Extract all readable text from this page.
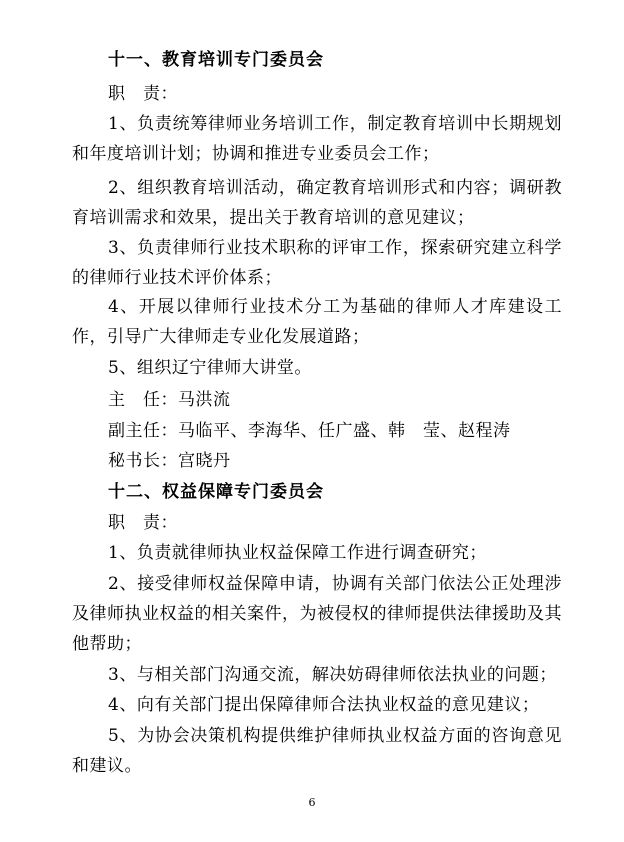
十一、教育培训专门委员会
职　责：
1、负责统筹律师业务培训工作，制定教育培训中长期规划和年度培训计划；协调和推进专业委员会工作；
2、组织教育培训活动，确定教育培训形式和内容；调研教育培训需求和效果，提出关于教育培训的意见建议；
3、负责律师行业技术职称的评审工作，探索研究建立科学的律师行业技术评价体系；
4、开展以律师行业技术分工为基础的律师人才库建设工作，引导广大律师走专业化发展道路；
5、组织辽宁律师大讲堂。
主　任：马洪流
副主任：马临平、李海华、任广盛、韩　莹、赵程涛
秘书长：宫晓丹
十二、权益保障专门委员会
职　责：
1、负责就律师执业权益保障工作进行调查研究；
2、接受律师权益保障申请，协调有关部门依法公正处理涉及律师执业权益的相关案件，为被侵权的律师提供法律援助及其他帮助；
3、与相关部门沟通交流，解决妨碍律师依法执业的问题；
4、向有关部门提出保障律师合法执业权益的意见建议；
5、为协会决策机构提供维护律师执业权益方面的咨询意见和建议。
6
